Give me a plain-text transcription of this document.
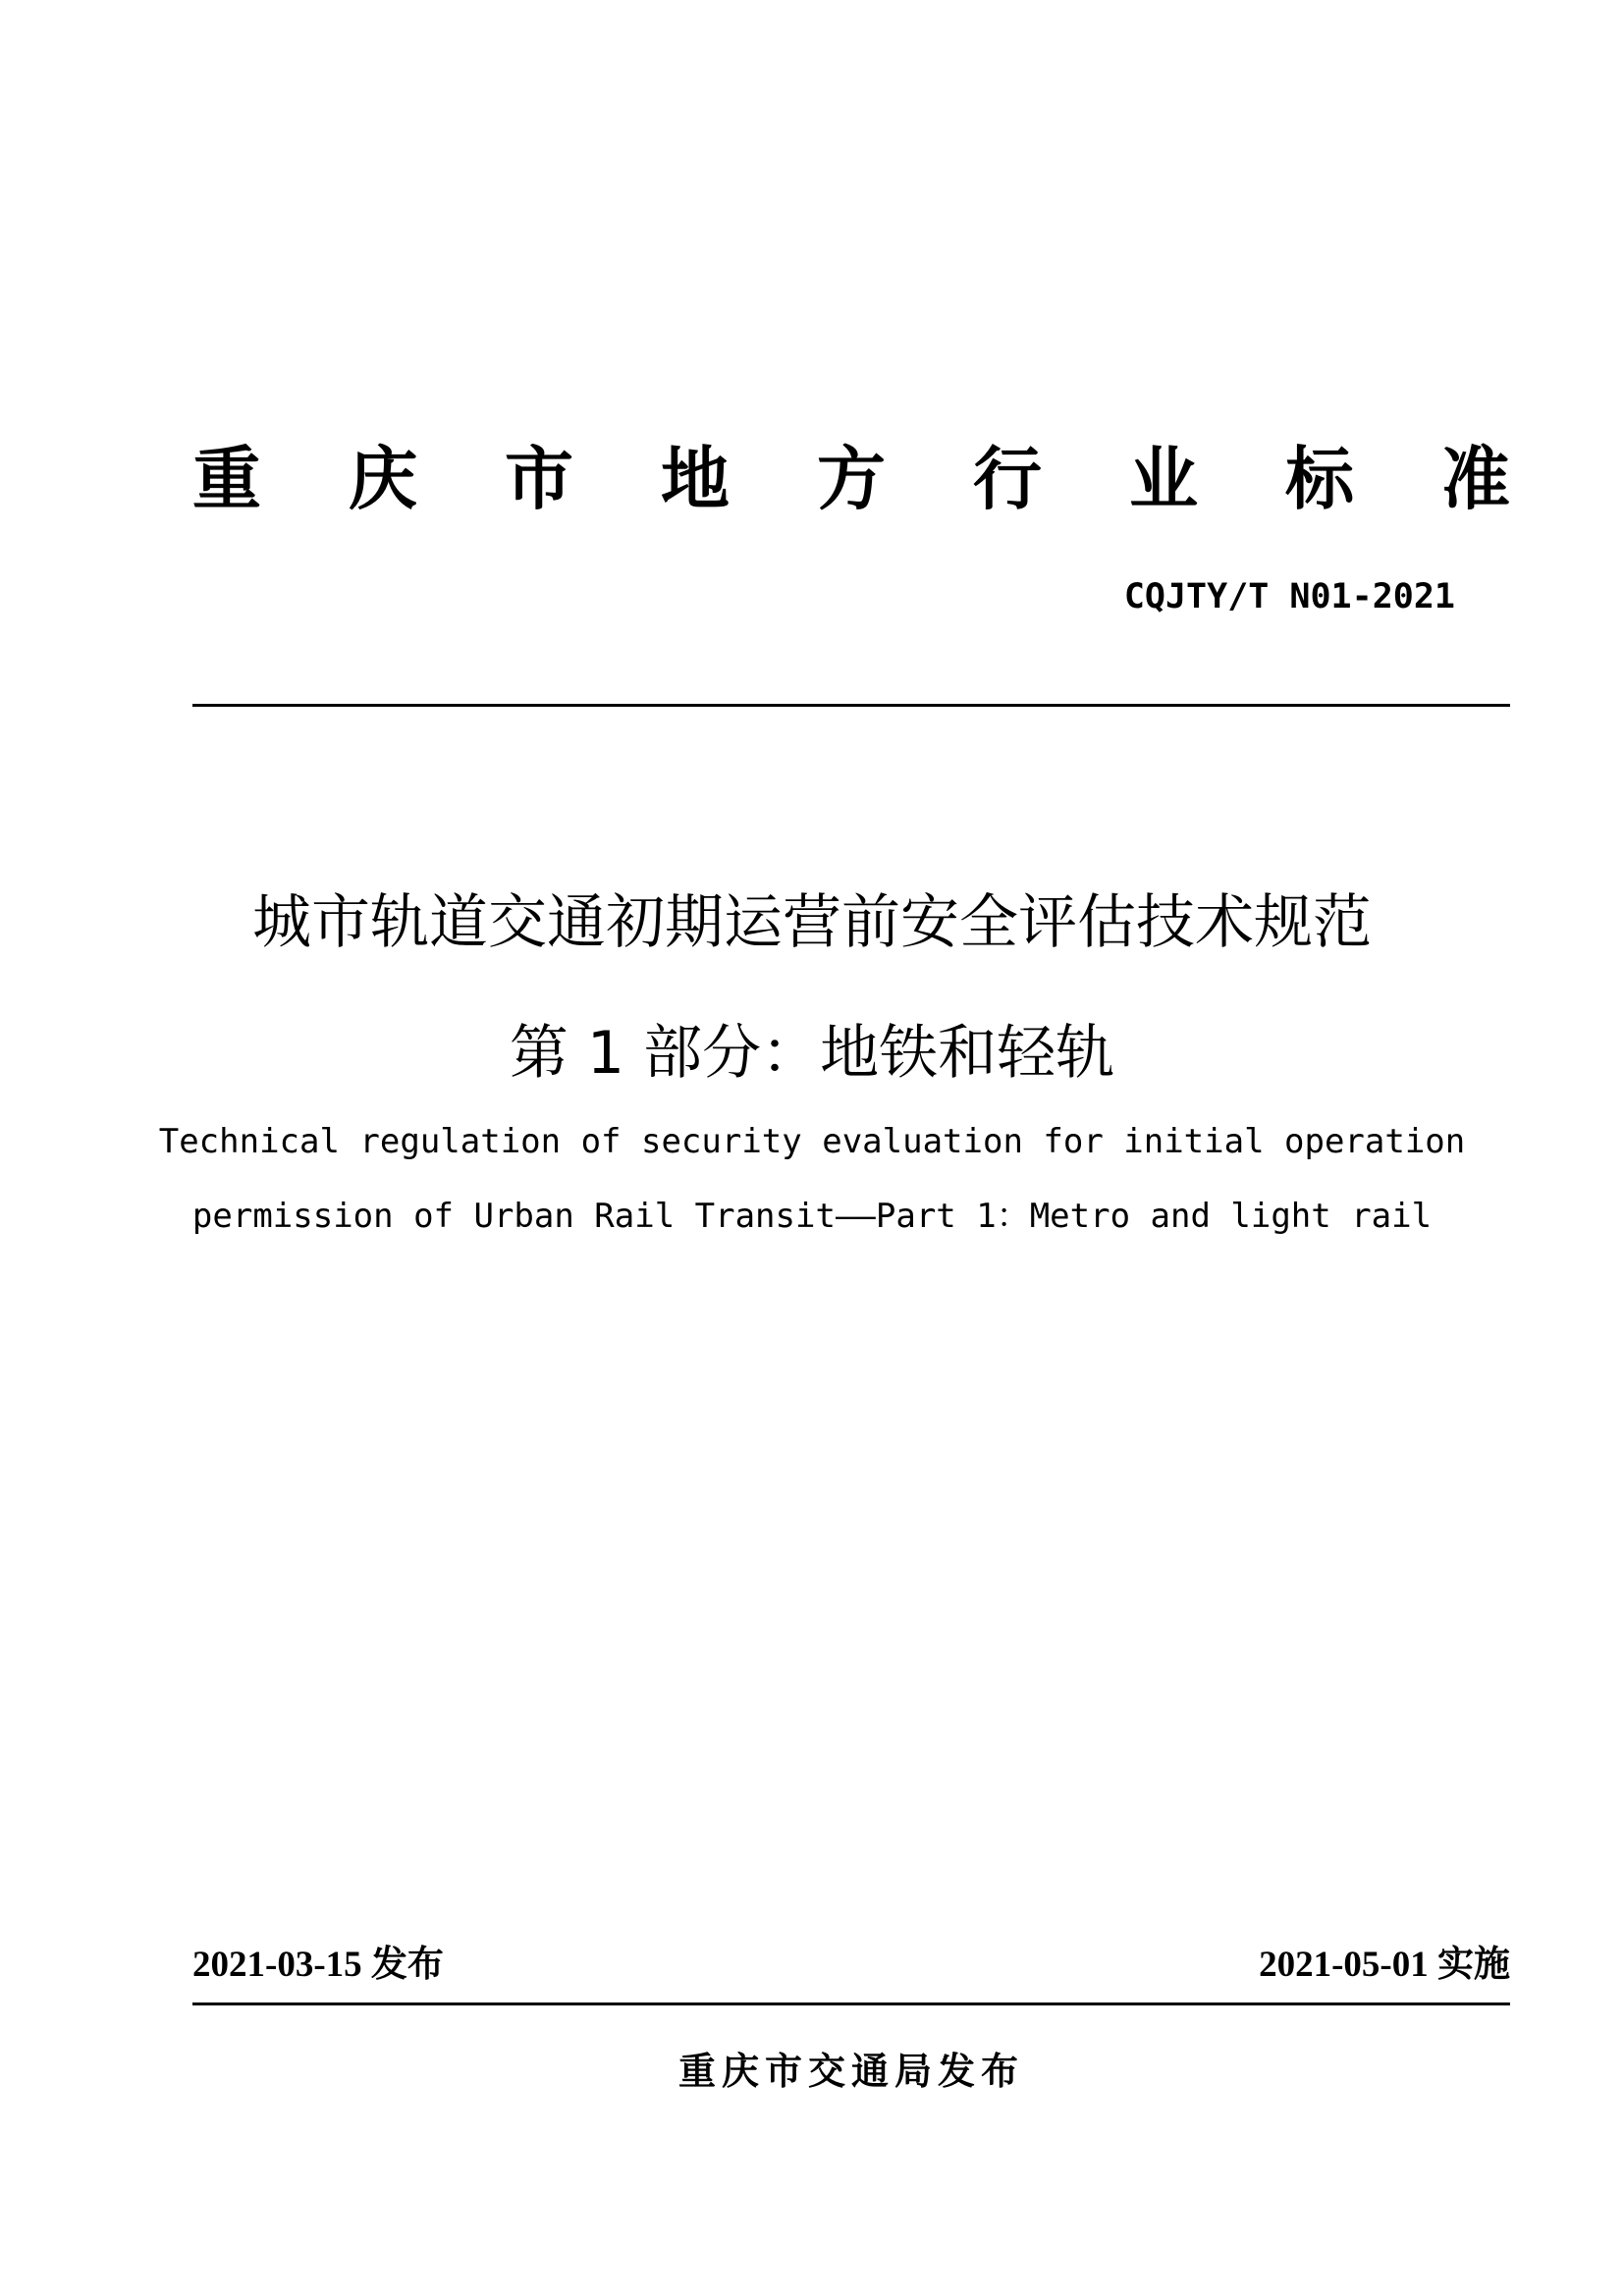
重 庆 市 地 方 行 业 标 准
CQJTY/T N01-2021
城市轨道交通初期运营前安全评估技术规范
第 1 部分：地铁和轻轨
Technical regulation of security evaluation for initial operation
permission of Urban Rail Transit——Part 1：Metro and light rail
2021-03-15 发布	2021-05-01 实施
重庆市交通局发布
